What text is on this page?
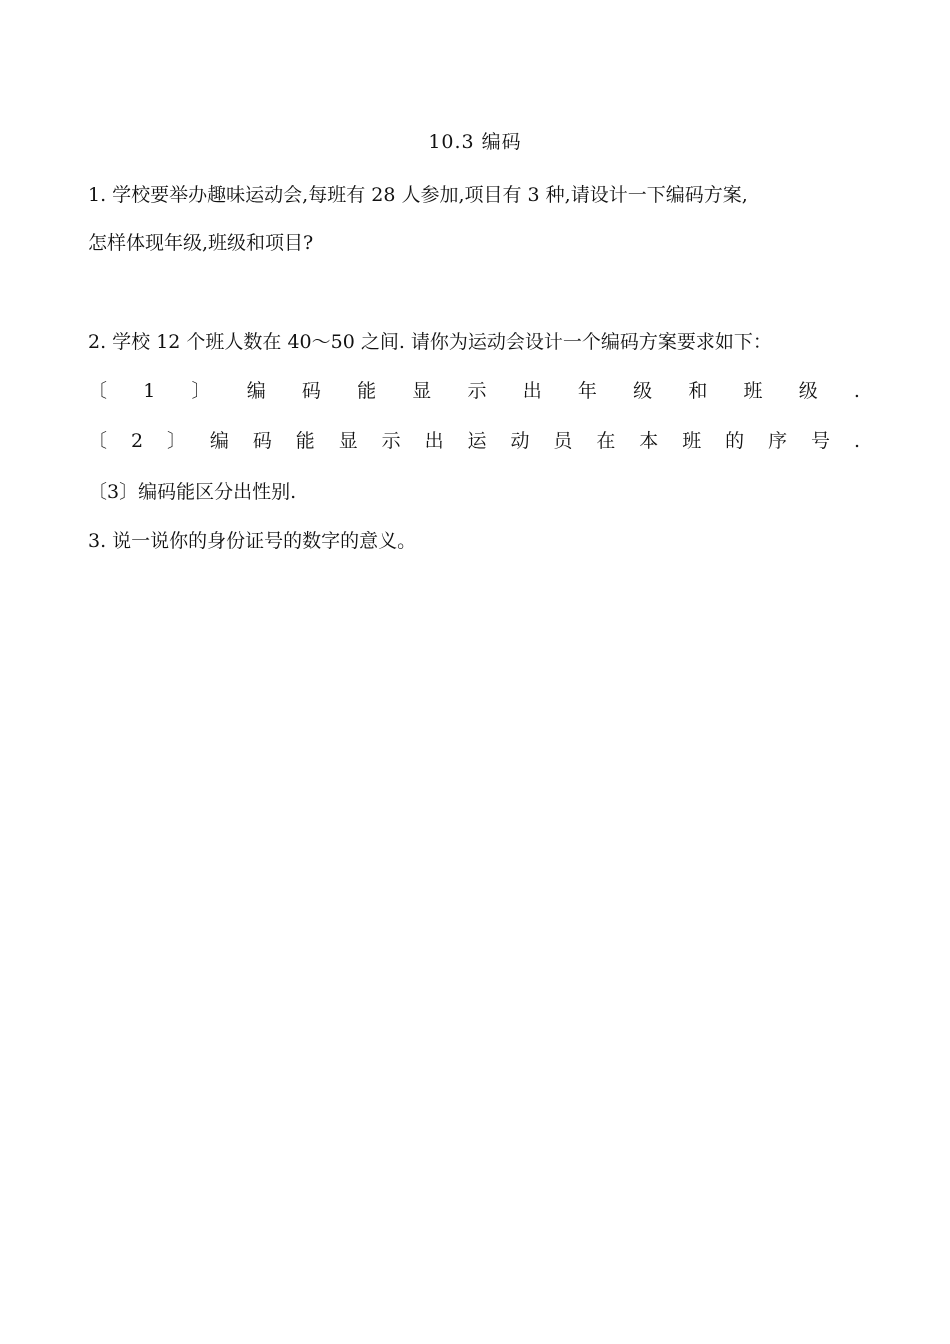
10.3 编码
1. 学校要举办趣味运动会,每班有 28 人参加,项目有 3 种,请设计一下编码方案,
怎样体现年级,班级和项目?
2. 学校 12 个班人数在 40～50 之间. 请你为运动会设计一个编码方案要求如下：
〔 1 〕 编 码 能 显 示 出 年 级 和 班 级 .
〔 2 〕 编 码 能 显 示 出 运 动 员 在 本 班 的 序 号 .
〔3〕编码能区分出性别.
3. 说一说你的身份证号的数字的意义。
